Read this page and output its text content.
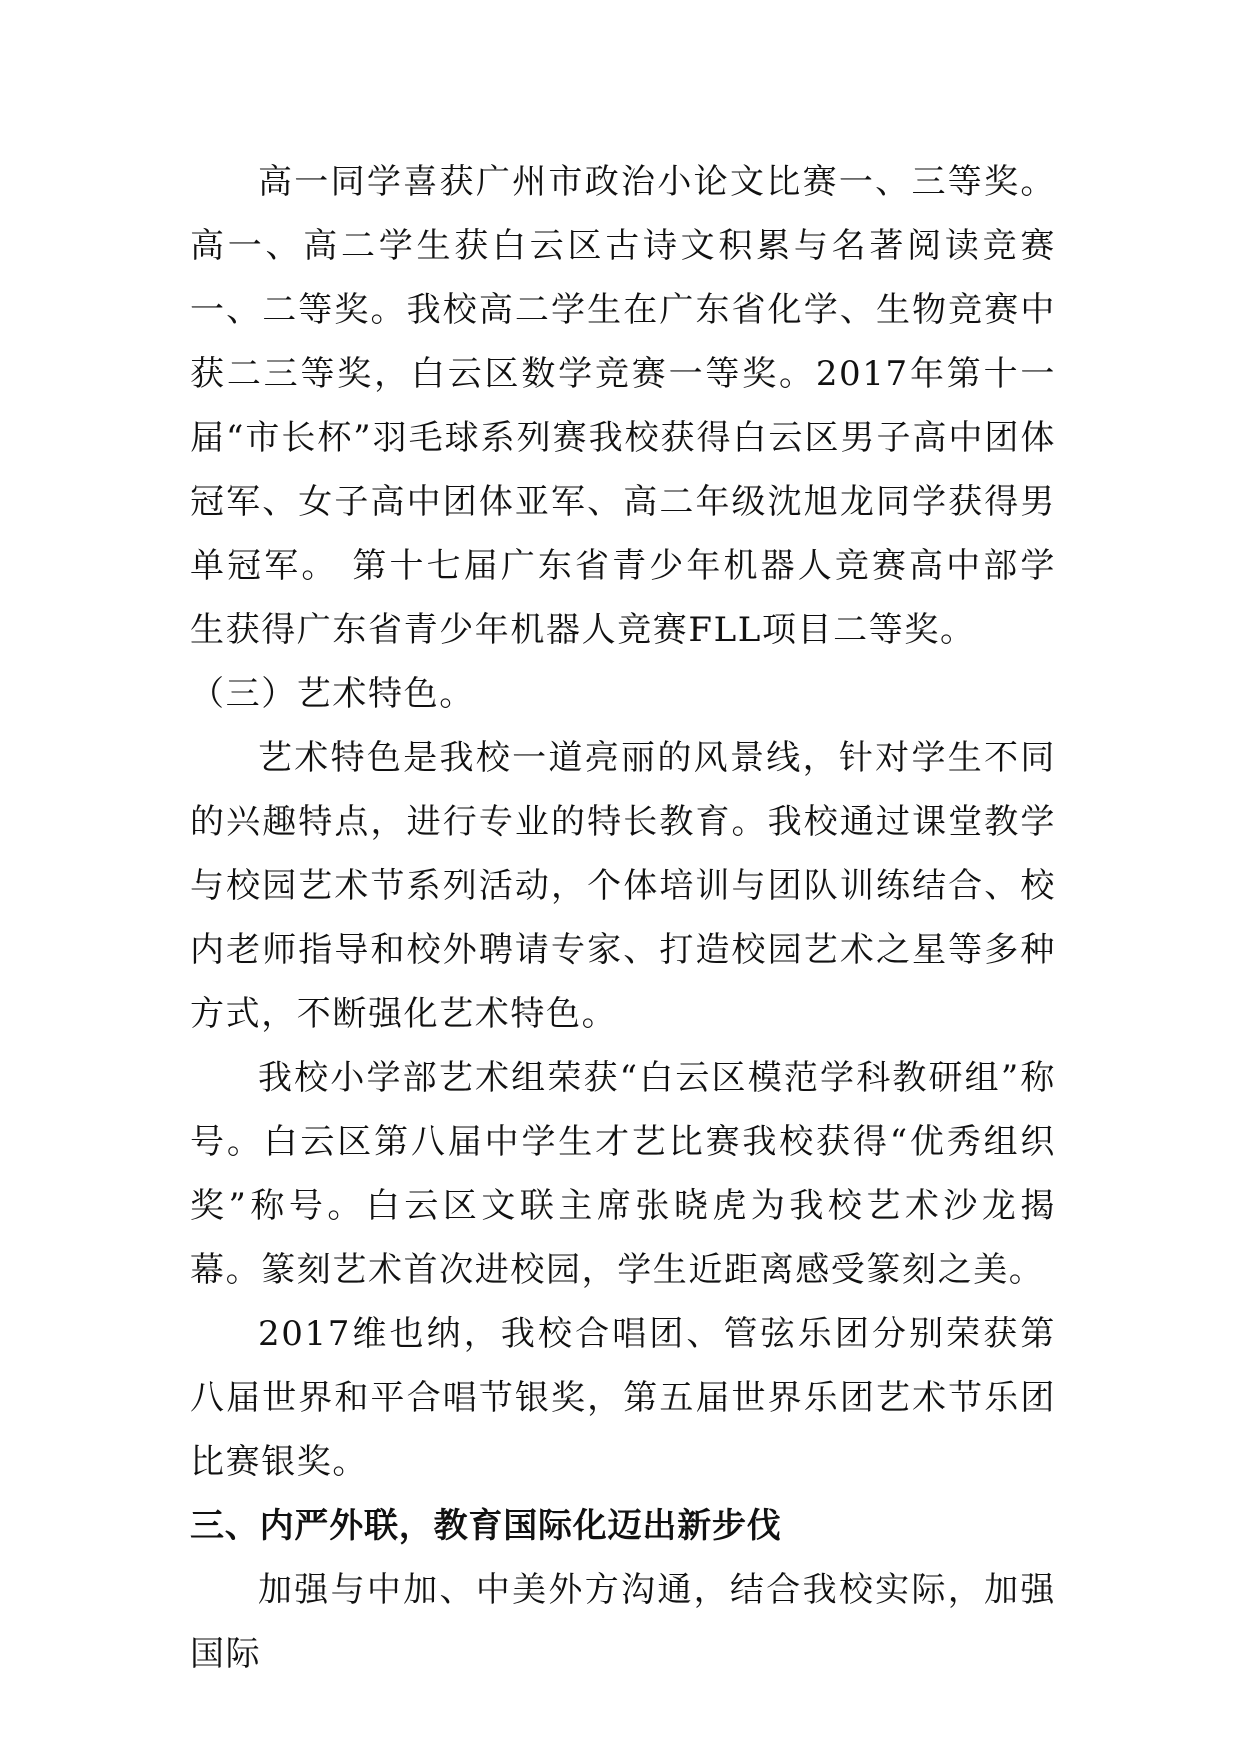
高一同学喜获广州市政治小论文比赛一、三等奖。高一、高二学生获白云区古诗文积累与名著阅读竞赛一、二等奖。我校高二学生在广东省化学、生物竞赛中获二三等奖，白云区数学竞赛一等奖。2017年第十一届“市长杯”羽毛球系列赛我校获得白云区男子高中团体冠军、女子高中团体亚军、高二年级沈旭龙同学获得男单冠军。 第十七届广东省青少年机器人竞赛高中部学生获得广东省青少年机器人竞赛FLL项目二等奖。

（三）艺术特色。

艺术特色是我校一道亮丽的风景线，针对学生不同的兴趣特点，进行专业的特长教育。我校通过课堂教学与校园艺术节系列活动，个体培训与团队训练结合、校内老师指导和校外聘请专家、打造校园艺术之星等多种方式，不断强化艺术特色。

我校小学部艺术组荣获“白云区模范学科教研组”称号。白云区第八届中学生才艺比赛我校获得“优秀组织奖”称号。白云区文联主席张晓虎为我校艺术沙龙揭幕。篆刻艺术首次进校园，学生近距离感受篆刻之美。

2017维也纳，我校合唱团、管弦乐团分别荣获第八届世界和平合唱节银奖，第五届世界乐团艺术节乐团比赛银奖。

三、内严外联，教育国际化迈出新步伐

加强与中加、中美外方沟通，结合我校实际，加强国际
